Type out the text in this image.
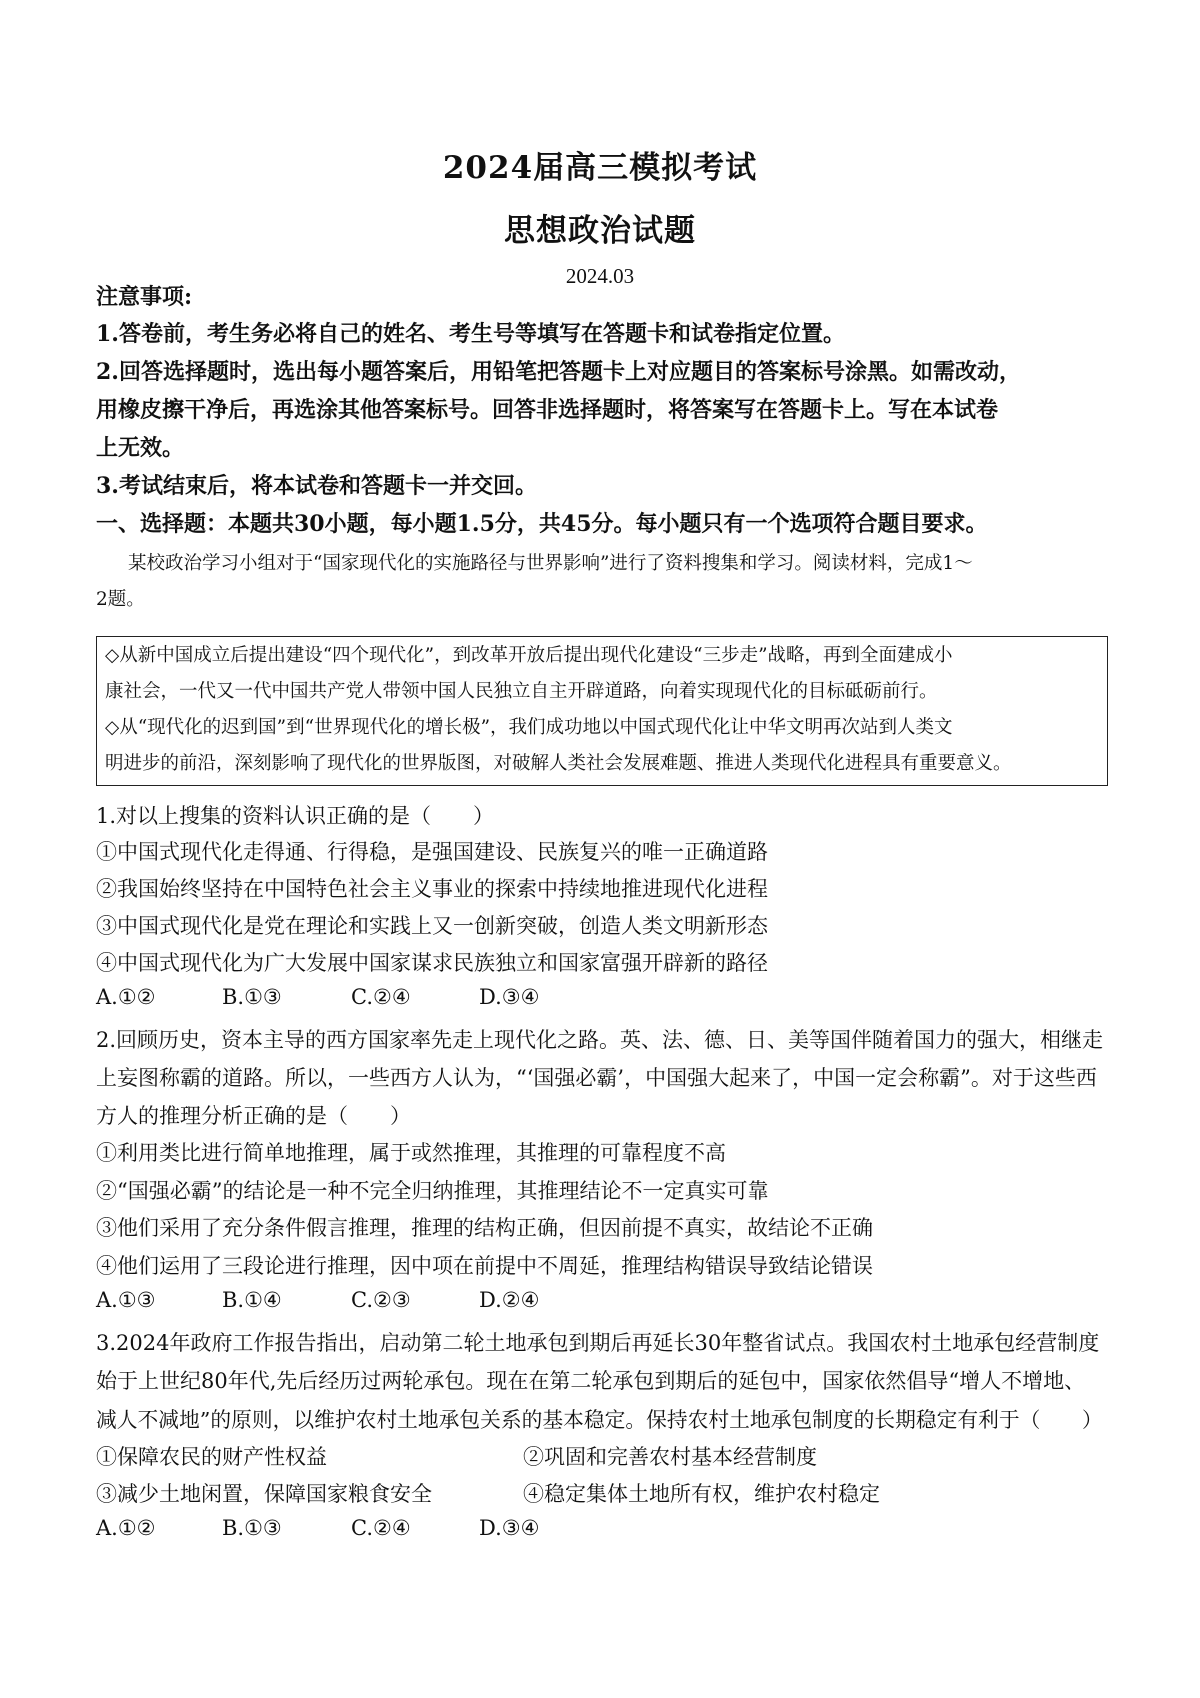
2024届高三模拟考试
思想政治试题
2024.03
注意事项:
1.答卷前，考生务必将自己的姓名、考生号等填写在答题卡和试卷指定位置。
2.回答选择题时，选出每小题答案后，用铅笔把答题卡上对应题目的答案标号涂黑。如需改动，
用橡皮擦干净后，再选涂其他答案标号。回答非选择题时，将答案写在答题卡上。写在本试卷
上无效。
3.考试结束后，将本试卷和答题卡一并交回。
一、选择题：本题共30小题，每小题1.5分，共45分。每小题只有一个选项符合题目要求。
某校政治学习小组对于“国家现代化的实施路径与世界影响”进行了资料搜集和学习。阅读材料，完成1～
2题。
◇从新中国成立后提出建设“四个现代化”，到改革开放后提出现代化建设“三步走”战略，再到全面建成小
康社会，一代又一代中国共产党人带领中国人民独立自主开辟道路，向着实现现代化的目标砥砺前行。
◇从“现代化的迟到国”到“世界现代化的增长极”，我们成功地以中国式现代化让中华文明再次站到人类文
明进步的前沿，深刻影响了现代化的世界版图，对破解人类社会发展难题、推进人类现代化进程具有重要意义。
1.对以上搜集的资料认识正确的是（　　）
①中国式现代化走得通、行得稳，是强国建设、民族复兴的唯一正确道路
②我国始终坚持在中国特色社会主义事业的探索中持续地推进现代化进程
③中国式现代化是党在理论和实践上又一创新突破，创造人类文明新形态
④中国式现代化为广大发展中国家谋求民族独立和国家富强开辟新的路径
A.①②	B.①③	C.②④	D.③④
2.回顾历史，资本主导的西方国家率先走上现代化之路。英、法、德、日、美等国伴随着国力的强大，相继走
上妄图称霸的道路。所以，一些西方人认为，“‘国强必霸’，中国强大起来了，中国一定会称霸”。对于这些西
方人的推理分析正确的是（　　）
①利用类比进行简单地推理，属于或然推理，其推理的可靠程度不高
②“国强必霸”的结论是一种不完全归纳推理，其推理结论不一定真实可靠
③他们采用了充分条件假言推理，推理的结构正确，但因前提不真实，故结论不正确
④他们运用了三段论进行推理，因中项在前提中不周延，推理结构错误导致结论错误
A.①③	B.①④	C.②③	D.②④
3.2024年政府工作报告指出，启动第二轮土地承包到期后再延长30年整省试点。我国农村土地承包经营制度
始于上世纪80年代,先后经历过两轮承包。现在在第二轮承包到期后的延包中，国家依然倡导“增人不增地、
减人不减地”的原则，以维护农村土地承包关系的基本稳定。保持农村土地承包制度的长期稳定有利于（　　）
①保障农民的财产性权益	②巩固和完善农村基本经营制度
③减少土地闲置，保障国家粮食安全	④稳定集体土地所有权，维护农村稳定
A.①②	B.①③	C.②④	D.③④
